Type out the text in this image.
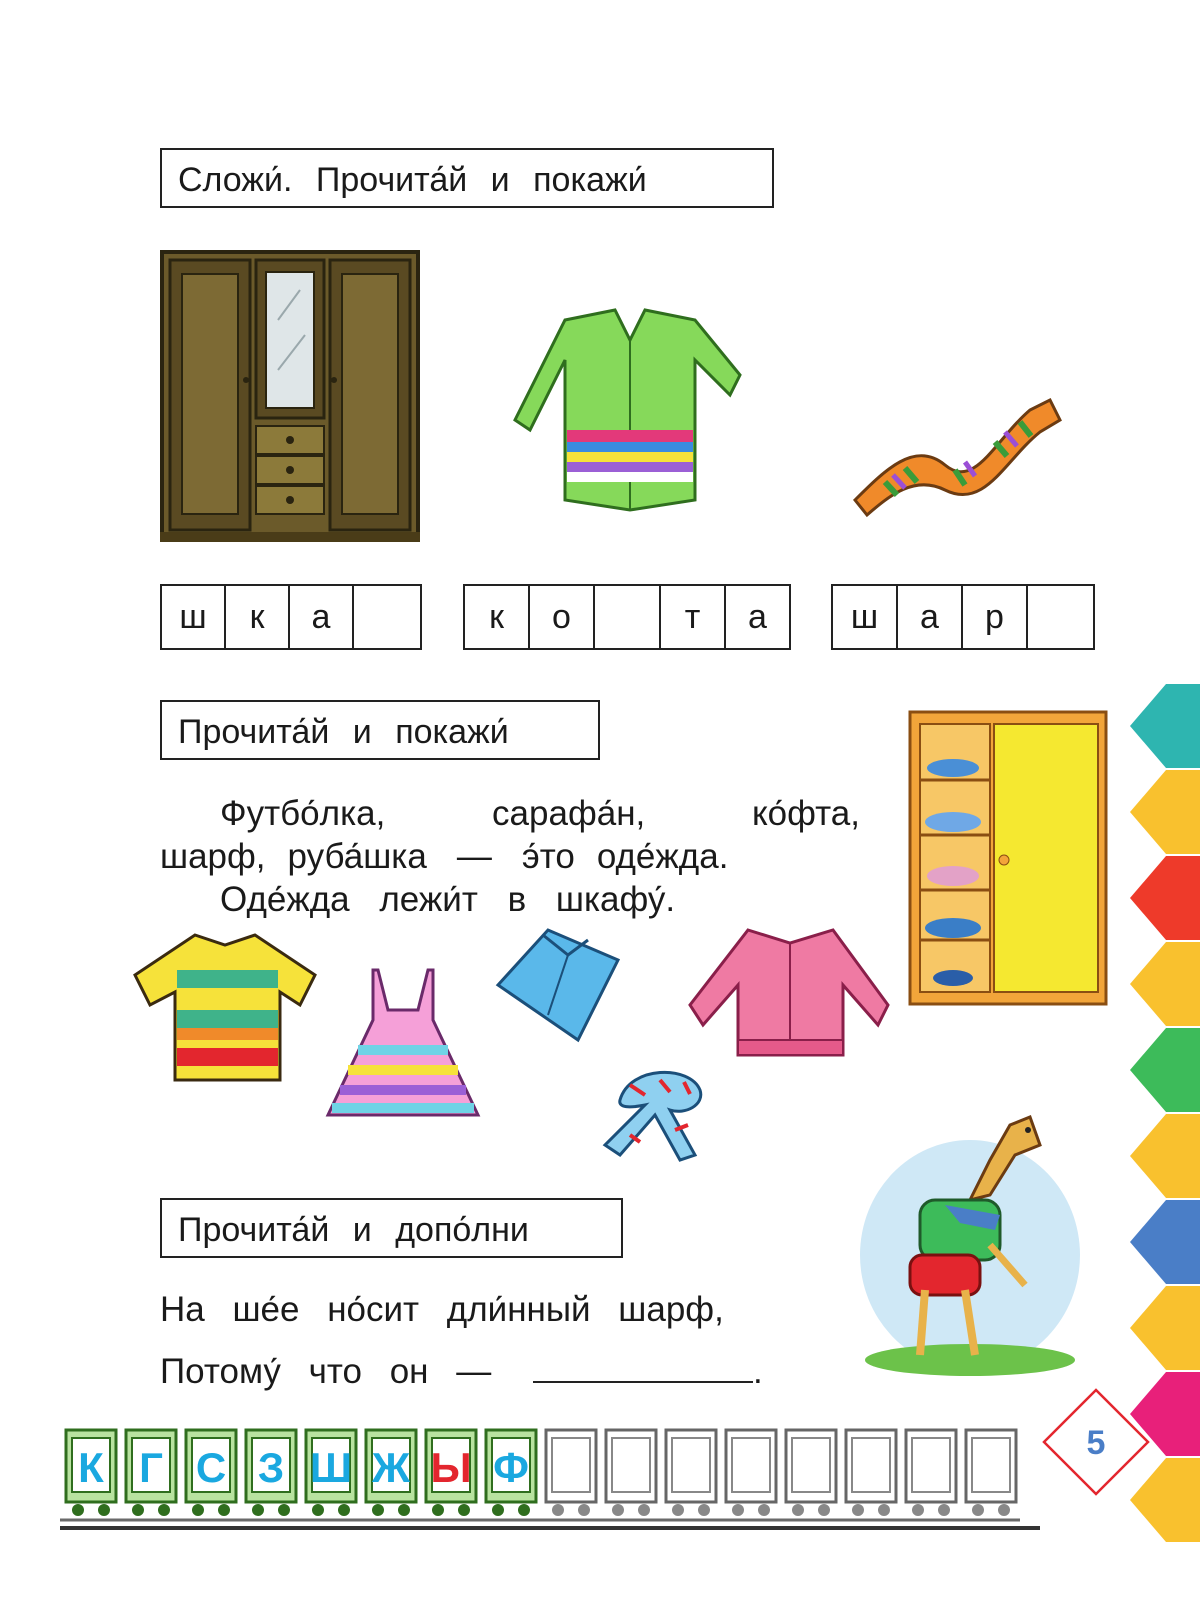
Сложи́. Прочита́й и покажи́
ш	к	а	к	о	т	а	ш	а	р
Прочита́й и покажи́
Футбо́лка,	сарафа́н,	ко́фта,
шарф, руба́шка — э́то оде́жда.
Оде́жда лежи́т в шкафу́.
Прочита́й и допо́лни
На ше́е но́сит дли́нный шарф,
Потому́ что он —	.
5
К Г С З Ш Ж Ы Ф
